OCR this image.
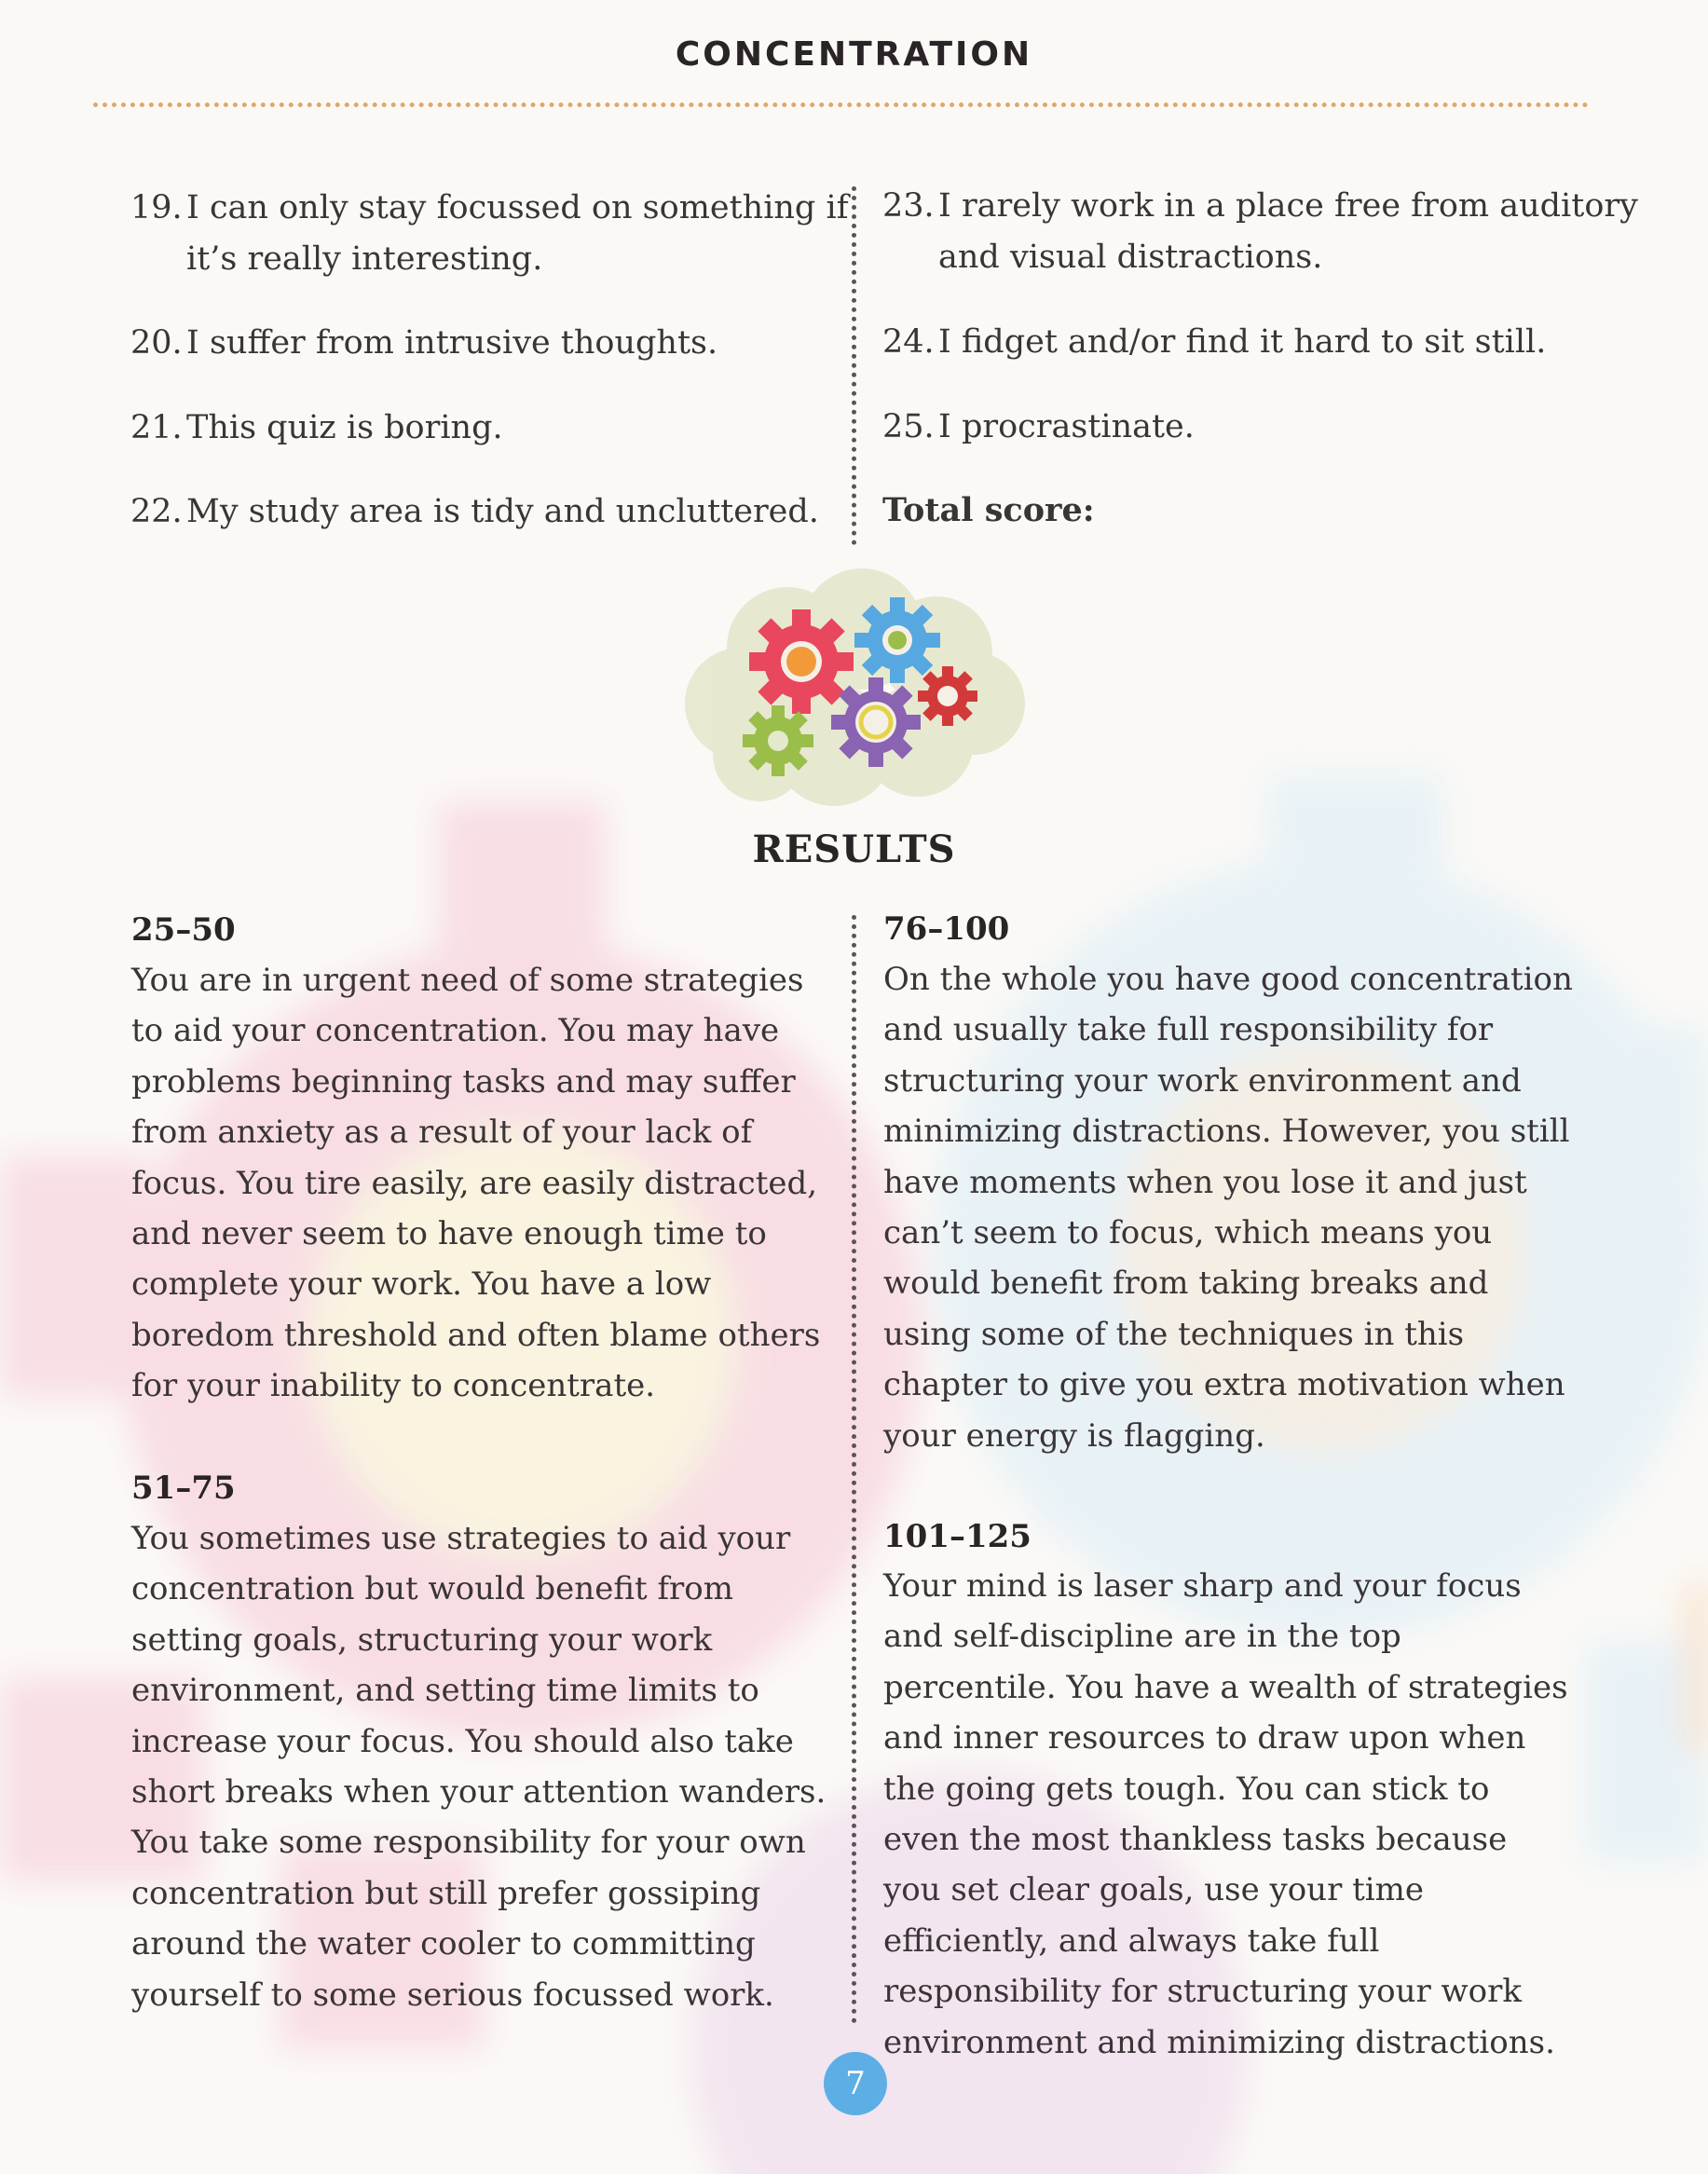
CONCENTRATION
19. I can only stay focussed on something if it’s really interesting.
20. I suffer from intrusive thoughts.
21. This quiz is boring.
22. My study area is tidy and uncluttered.
23. I rarely work in a place free from auditory and visual distractions.
24. I fidget and/or find it hard to sit still.
25. I procrastinate.
Total score:
RESULTS
25–50

You are in urgent need of some strategies to aid your concentration. You may have problems beginning tasks and may suffer from anxiety as a result of your lack of focus. You tire easily, are easily distracted, and never seem to have enough time to complete your work. You have a low boredom threshold and often blame others for your inability to concentrate.

51–75

You sometimes use strategies to aid your concentration but would benefit from setting goals, structuring your work environment, and setting time limits to increase your focus. You should also take short breaks when your attention wanders. You take some responsibility for your own concentration but still prefer gossiping around the water cooler to committing yourself to some serious focussed work.

76–100

On the whole you have good concentration and usually take full responsibility for structuring your work environment and minimizing distractions. However, you still have moments when you lose it and just can’t seem to focus, which means you would benefit from taking breaks and using some of the techniques in this chapter to give you extra motivation when your energy is flagging.

101–125

Your mind is laser sharp and your focus and self-discipline are in the top percentile. You have a wealth of strategies and inner resources to draw upon when the going gets tough. You can stick to even the most thankless tasks because you set clear goals, use your time efficiently, and always take full responsibility for structuring your work environment and minimizing distractions.

7
